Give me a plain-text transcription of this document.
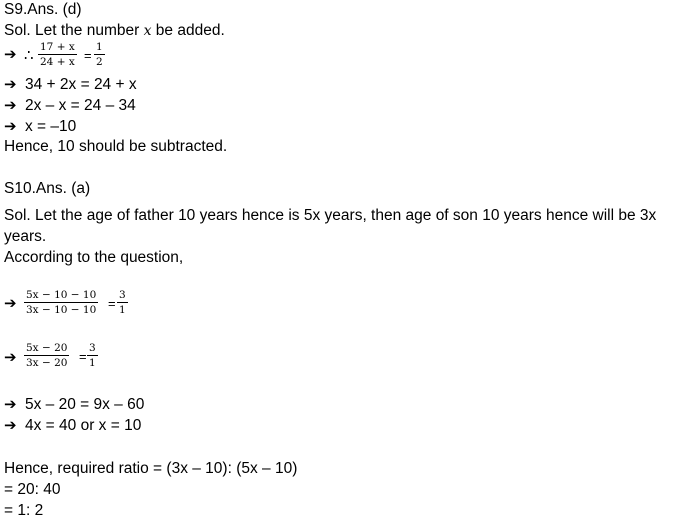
S9.Ans. (d)
Sol. Let the number x be added.
➔ ∴ 17 + x
24 + x =
1
2
➔ 34 + 2x = 24 + x
➔ 2x – x = 24 – 34
➔ x = –10
Hence, 10 should be subtracted.
S10.Ans. (a)
Sol. Let the age of father 10 years hence is 5x years, then age of son 10 years hence will be 3x
years.
According to the question,
➔ 5x − 10 − 10
3x − 10 − 10 =
3
1
➔ 5x − 20
3x − 20 =
3
1
➔ 5x – 20 = 9x – 60
➔ 4x = 40 or x = 10
Hence, required ratio = (3x – 10): (5x – 10)
= 20: 40
= 1: 2
